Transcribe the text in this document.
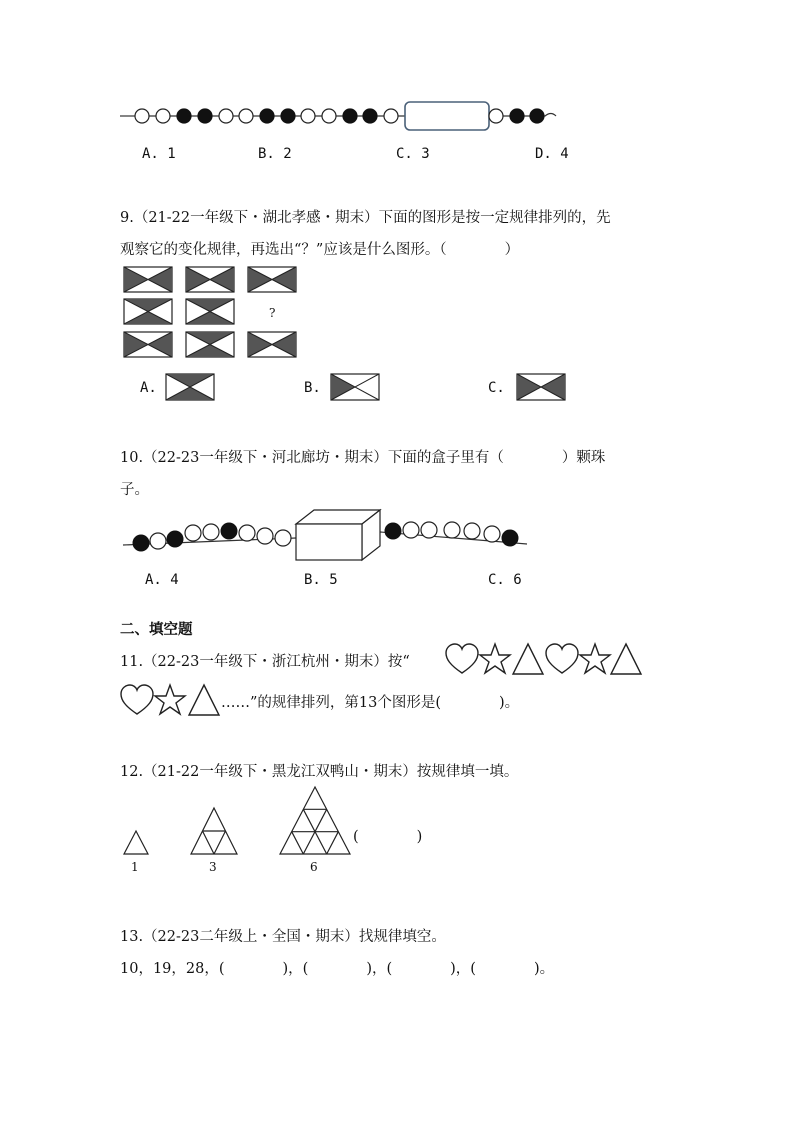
A. 1	B. 2	C. 3	D. 4
9.（21-22一年级下・湖北孝感・期末）下面的图形是按一定规律排列的，先
观察它的变化规律，再选出“？”应该是什么图形。（　　　　）
?
A.	B.	C.
10.（22-23一年级下・河北廊坊・期末）下面的盒子里有（　　　　）颗珠
子。
A. 4	B. 5	C. 6
二、填空题
11.（22-23一年级下・浙江杭州・期末）按“
……”的规律排列，第13个图形是(　　　　)。
12.（21-22一年级下・黑龙江双鸭山・期末）按规律填一填。
(　　　　)
1	3	6
13.（22-23二年级上・全国・期末）找规律填空。
10，19，28，(　　　　)，(　　　　)，(　　　　)，(　　　　)。
